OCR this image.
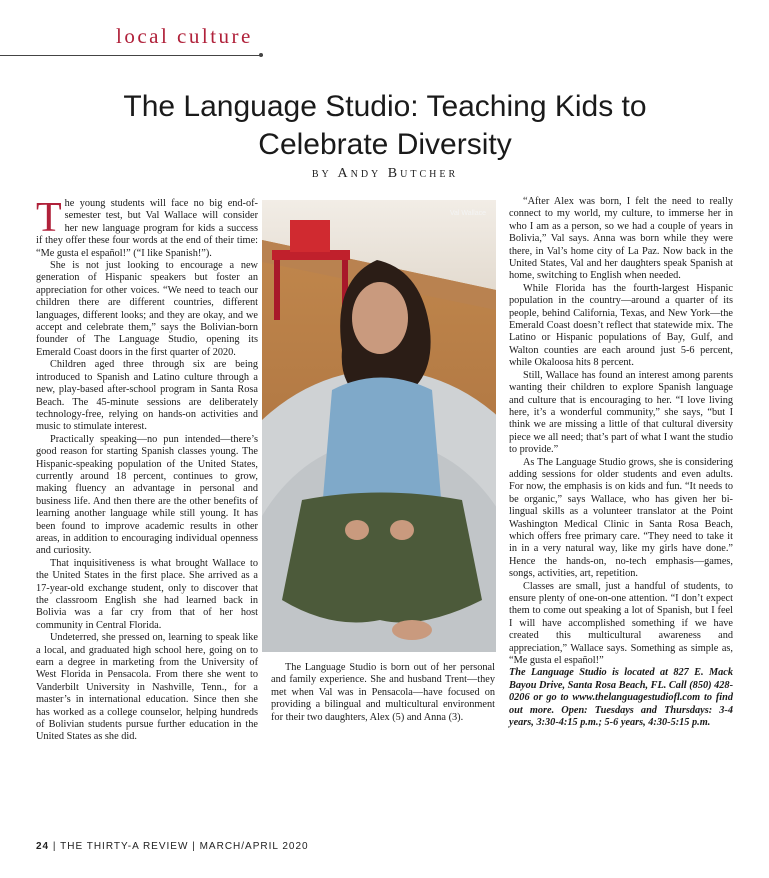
local culture
The Language Studio: Teaching Kids to Celebrate Diversity
by Andy Butcher

The young students will face no big end-of-semester test, but Val Wallace will consider her new language program for kids a success if they offer these four words at the end of their time: “Me gusta el español!” (“I like Spanish!”).

She is not just looking to encourage a new generation of Hispanic speakers but foster an appreciation for other voices. “We need to teach our children there are different countries, different languages, different looks; and they are okay, and we accept and celebrate them,” says the Bolivian-born founder of The Language Studio, opening its Emerald Coast doors in the first quarter of 2020.

Children aged three through six are being introduced to Spanish and Latino culture through a new, play-based after-school program in Santa Rosa Beach. The 45-minute sessions are deliberately technology-free, relying on hands-on activities and music to stimulate interest.

Practically speaking—no pun intended—there’s good reason for starting Spanish classes young. The Hispanic-speaking population of the United States, currently around 18 percent, continues to grow, making fluency an advantage in personal and business life. And then there are the other benefits of learning another language while still young. It has been found to improve academic results in other areas, in addition to encouraging individual openness and curiosity.

That inquisitiveness is what brought Wallace to the United States in the first place. She arrived as a 17-year-old exchange student, only to discover that the classroom English she had learned back in Bolivia was a far cry from that of her host community in Central Florida.

Undeterred, she pressed on, learning to speak like a local, and graduated high school here, going on to earn a degree in marketing from the University of West Florida in Pensacola. From there she went to Vanderbilt University in Nashville, Tenn., for a master’s in international education. Since then she has worked as a college counselor, helping hundreds of Bolivian students pursue further education in the United States as she did.

Val Wallace

The Language Studio is born out of her personal and family experience. She and husband Trent—they met when Val was in Pensacola—have focused on providing a bilingual and multicultural environment for their two daughters, Alex (5) and Anna (3).

“After Alex was born, I felt the need to really connect to my world, my culture, to immerse her in who I am as a person, so we had a couple of years in Bolivia,” Val says. Anna was born while they were there, in Val’s home city of La Paz. Now back in the United States, Val and her daughters speak Spanish at home, switching to English when needed.

While Florida has the fourth-largest Hispanic population in the country—around a quarter of its people, behind California, Texas, and New York—the Emerald Coast doesn’t reflect that statewide mix. The Latino or Hispanic populations of Bay, Gulf, and Walton counties are each around just 5-6 percent, while Okaloosa hits 8 percent.

Still, Wallace has found an interest among parents wanting their children to explore Spanish language and culture that is encouraging to her. “I love living here, it’s a wonderful community,” she says, “but I think we are missing a little of that cultural diversity piece we all need; that’s part of what I want the studio to provide.”

As The Language Studio grows, she is considering adding sessions for older students and even adults. For now, the emphasis is on kids and fun. “It needs to be organic,” says Wallace, who has given her bi-lingual skills as a volunteer translator at the Point Washington Medical Clinic in Santa Rosa Beach, which offers free primary care. “They need to take it in in a very natural way, like my girls have done.” Hence the hands-on, no-tech emphasis—games, songs, activities, art, repetition.

Classes are small, just a handful of students, to ensure plenty of one-on-one attention. “I don’t expect them to come out speaking a lot of Spanish, but I feel I will have accomplished something if we have created this multicultural awareness and appreciation,” Wallace says. Something as simple as, “Me gusta el español!”

The Language Studio is located at 827 E. Mack Bayou Drive, Santa Rosa Beach, FL. Call (850) 428-0206 or go to www.thelanguagestudiofl.com to find out more. Open: Tuesdays and Thursdays: 3-4 years, 3:30-4:15 p.m.; 5-6 years, 4:30-5:15 p.m.

24 | THE THIRTY-A REVIEW | MARCH/APRIL 2020
